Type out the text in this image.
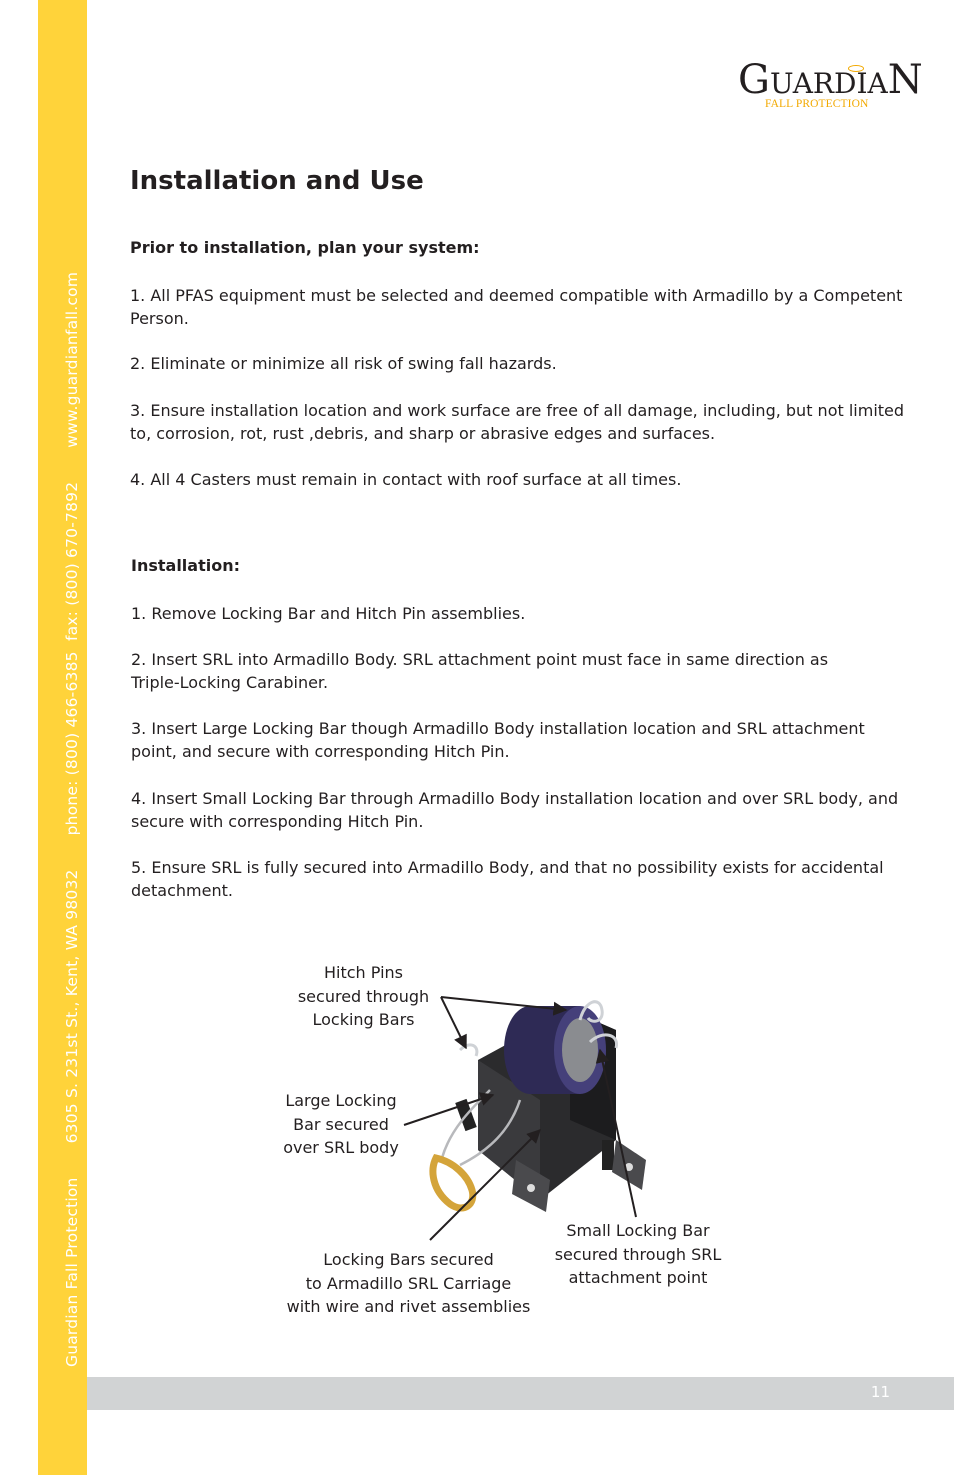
Guardian Fall Protection6305 S. 231st St., Kent, WA 98032phone: (800) 466-6385  fax: (800) 670-7892www.guardianfall.com
GUARDIAN
FALL PROTECTION
Installation and Use

Prior to installation, plan your system:

1. All PFAS equipment must be selected and deemed compatible with Armadillo by a Competent Person.

2. Eliminate or minimize all risk of swing fall hazards.

3. Ensure installation location and work surface are free of all damage, including, but not limited to, corrosion, rot, rust ,debris, and sharp or abrasive edges and surfaces.

4. All 4 Casters must remain in contact with roof surface at all times.

Installation:

1. Remove Locking Bar and Hitch Pin assemblies.

2. Insert SRL into Armadillo Body. SRL attachment point must face in same direction as Triple-Locking Carabiner.

3. Insert Large Locking Bar though Armadillo Body installation location and SRL attachment point, and secure with corresponding Hitch Pin.

4. Insert Small Locking Bar through Armadillo Body installation location and over SRL body, and secure with corresponding Hitch Pin.

5. Ensure SRL is fully secured into Armadillo Body, and that no possibility exists for accidental detachment.

Hitch Pins
secured through
Locking Bars
Large Locking
Bar secured
over SRL body
Locking Bars secured
to Armadillo SRL Carriage
with wire and rivet assemblies
Small Locking Bar
secured through SRL
attachment point
11
